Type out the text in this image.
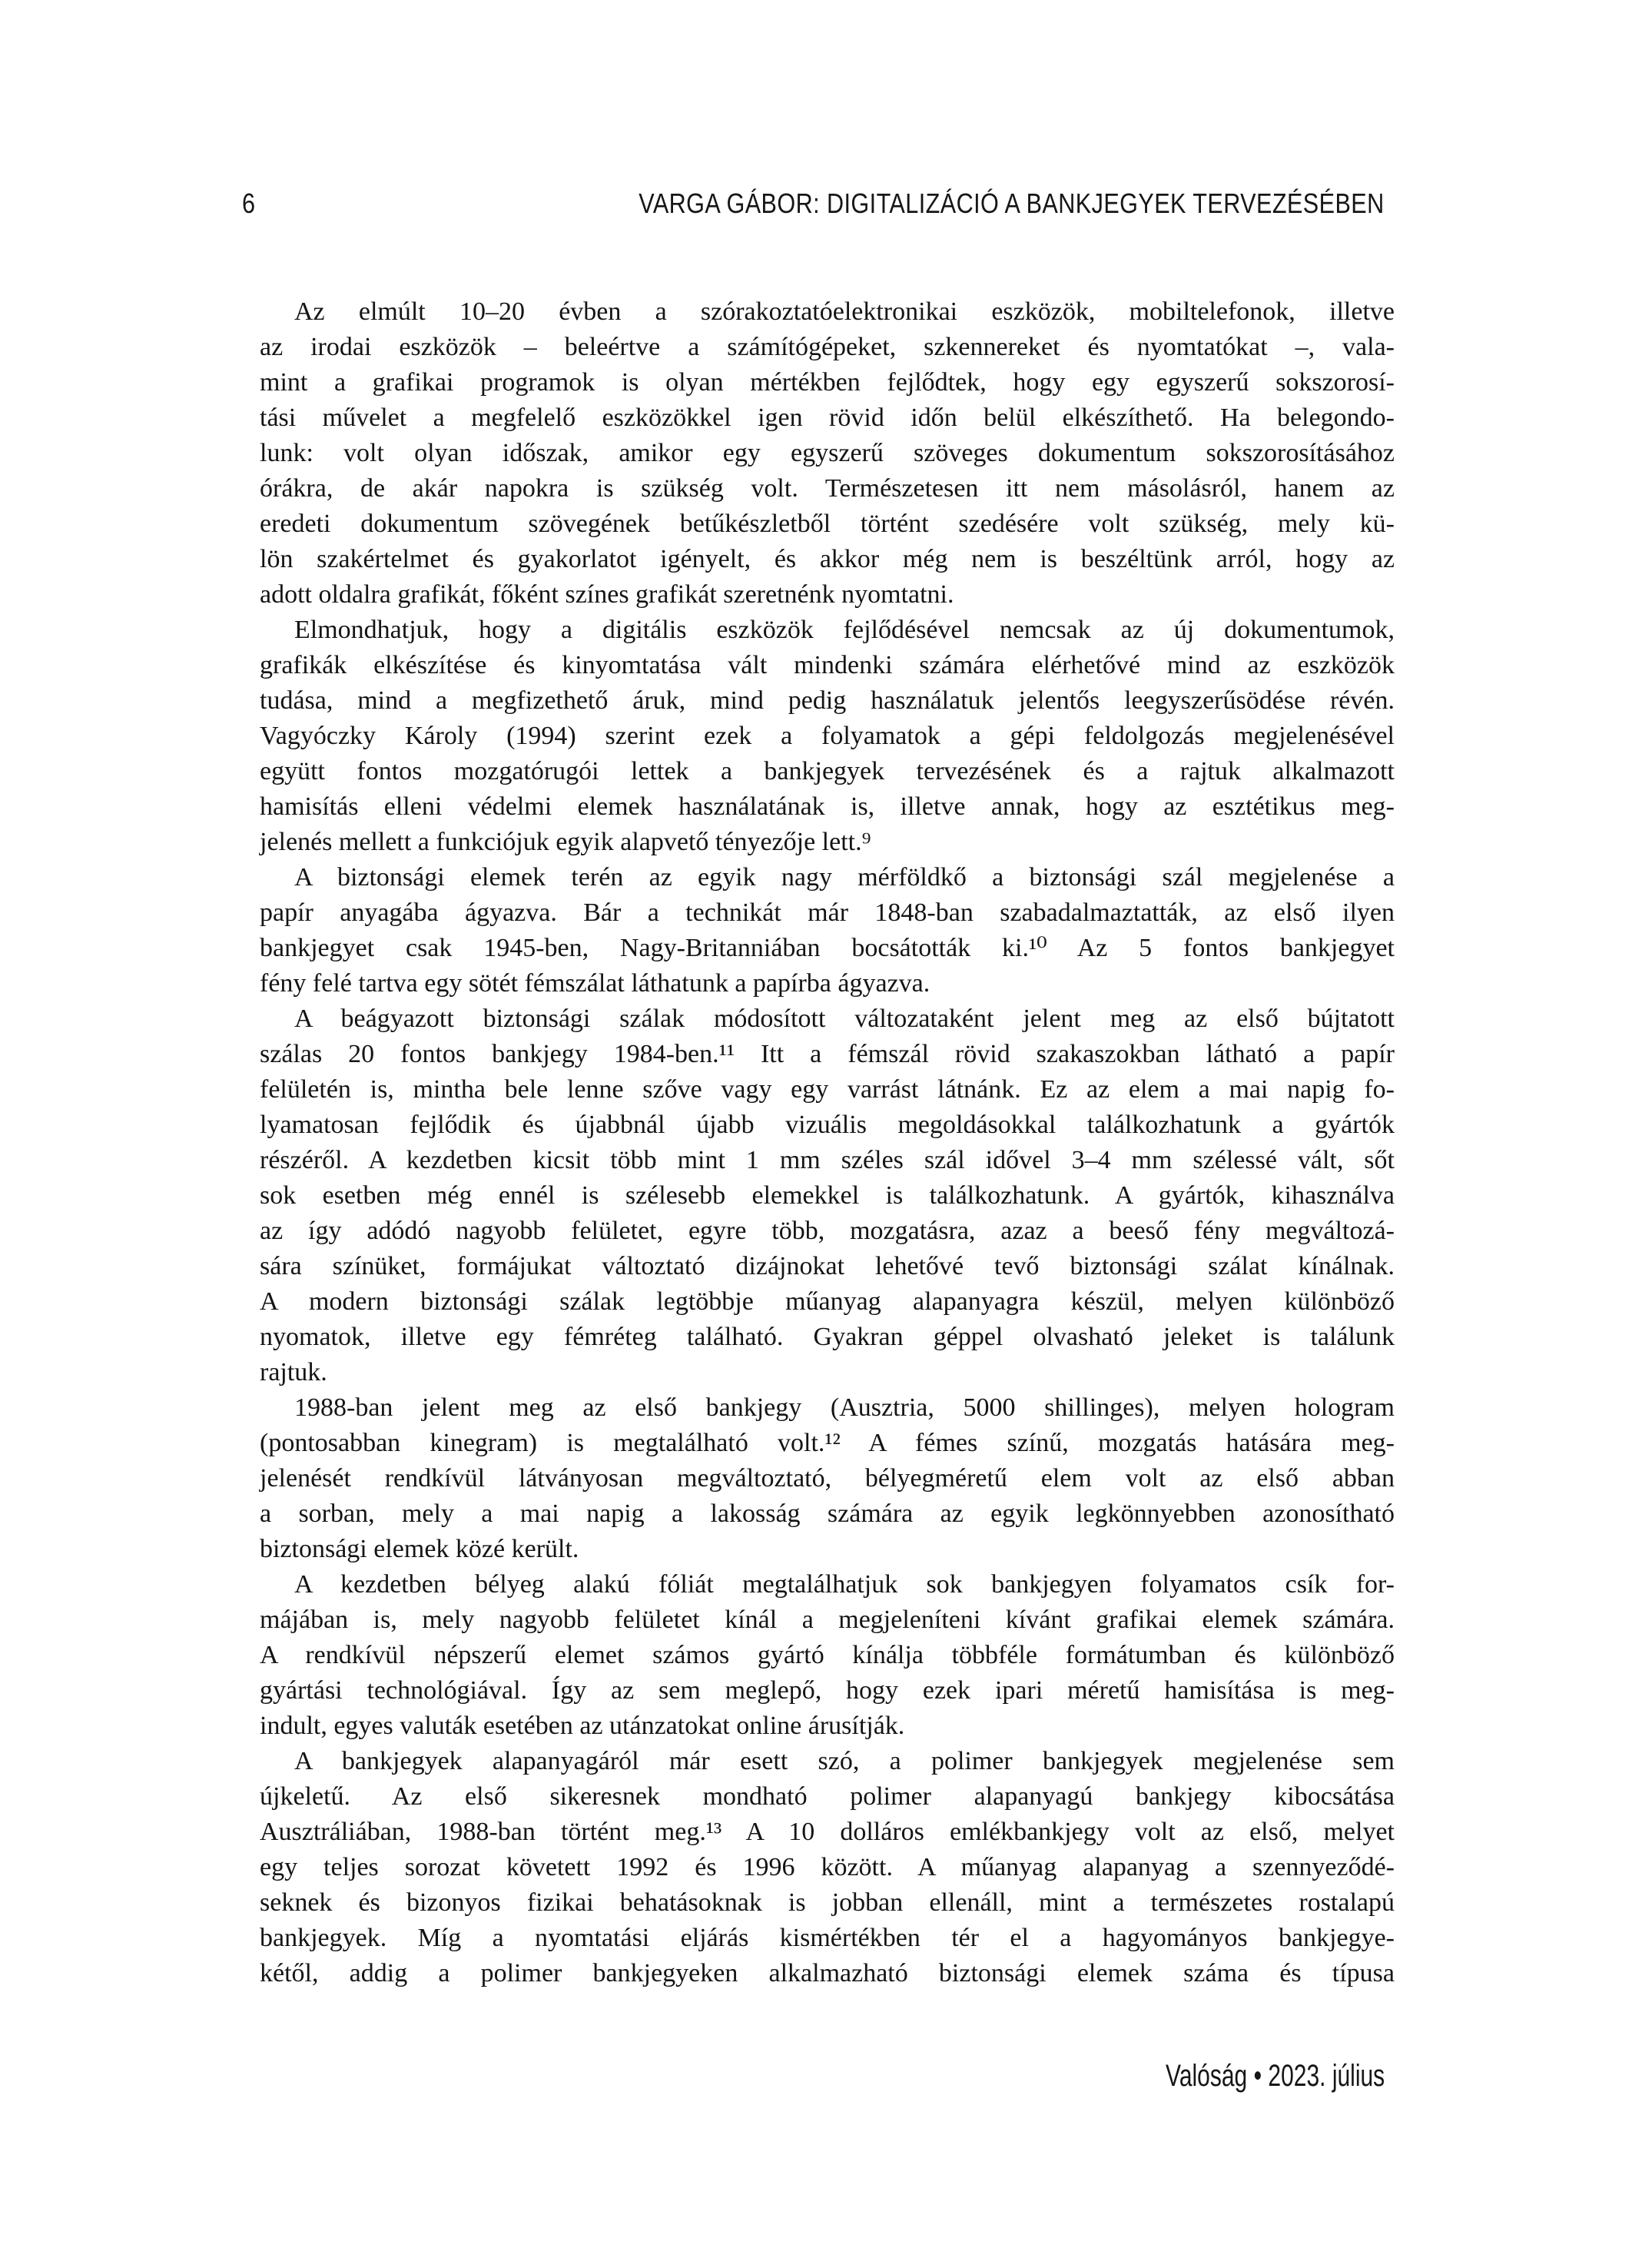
6	VARGA GÁBOR: DIGITALIZÁCIÓ A BANKJEGYEK TERVEZÉSÉBEN
Az elmúlt 10–20 évben a szórakoztatóelektronikai eszközök, mobiltelefonok, illetve
az irodai eszközök – beleértve a számítógépeket, szkennereket és nyomtatókat –, vala-
mint a grafikai programok is olyan mértékben fejlődtek, hogy egy egyszerű sokszorosí-
tási művelet a megfelelő eszközökkel igen rövid időn belül elkészíthető. Ha belegondo-
lunk: volt olyan időszak, amikor egy egyszerű szöveges dokumentum sokszorosításához
órákra, de akár napokra is szükség volt. Természetesen itt nem másolásról, hanem az
eredeti dokumentum szövegének betűkészletből történt szedésére volt szükség, mely kü-
lön szakértelmet és gyakorlatot igényelt, és akkor még nem is beszéltünk arról, hogy az
adott oldalra grafikát, főként színes grafikát szeretnénk nyomtatni.
Elmondhatjuk, hogy a digitális eszközök fejlődésével nemcsak az új dokumentumok,
grafikák elkészítése és kinyomtatása vált mindenki számára elérhetővé mind az eszközök
tudása, mind a megfizethető áruk, mind pedig használatuk jelentős leegyszerűsödése révén.
Vagyóczky Károly (1994) szerint ezek a folyamatok a gépi feldolgozás megjelenésével
együtt fontos mozgatórugói lettek a bankjegyek tervezésének és a rajtuk alkalmazott
hamisítás elleni védelmi elemek használatának is, illetve annak, hogy az esztétikus meg-
jelenés mellett a funkciójuk egyik alapvető tényezője lett.⁹
A biztonsági elemek terén az egyik nagy mérföldkő a biztonsági szál megjelenése a
papír anyagába ágyazva. Bár a technikát már 1848-ban szabadalmaztatták, az első ilyen
bankjegyet csak 1945-ben, Nagy-Britanniában bocsátották ki.¹⁰ Az 5 fontos bankjegyet
fény felé tartva egy sötét fémszálat láthatunk a papírba ágyazva.
A beágyazott biztonsági szálak módosított változataként jelent meg az első bújtatott
szálas 20 fontos bankjegy 1984-ben.¹¹ Itt a fémszál rövid szakaszokban látható a papír
felületén is, mintha bele lenne szőve vagy egy varrást látnánk. Ez az elem a mai napig fo-
lyamatosan fejlődik és újabbnál újabb vizuális megoldásokkal találkozhatunk a gyártók
részéről. A kezdetben kicsit több mint 1 mm széles szál idővel 3–4 mm szélessé vált, sőt
sok esetben még ennél is szélesebb elemekkel is találkozhatunk. A gyártók, kihasználva
az így adódó nagyobb felületet, egyre több, mozgatásra, azaz a beeső fény megváltozá-
sára színüket, formájukat változtató dizájnokat lehetővé tevő biztonsági szálat kínálnak.
A modern biztonsági szálak legtöbbje műanyag alapanyagra készül, melyen különböző
nyomatok, illetve egy fémréteg található. Gyakran géppel olvasható jeleket is találunk
rajtuk.
1988-ban jelent meg az első bankjegy (Ausztria, 5000 shillinges), melyen hologram
(pontosabban kinegram) is megtalálható volt.¹² A fémes színű, mozgatás hatására meg-
jelenését rendkívül látványosan megváltoztató, bélyegméretű elem volt az első abban
a sorban, mely a mai napig a lakosság számára az egyik legkönnyebben azonosítható
biztonsági elemek közé került.
A kezdetben bélyeg alakú fóliát megtalálhatjuk sok bankjegyen folyamatos csík for-
májában is, mely nagyobb felületet kínál a megjeleníteni kívánt grafikai elemek számára.
A rendkívül népszerű elemet számos gyártó kínálja többféle formátumban és különböző
gyártási technológiával. Így az sem meglepő, hogy ezek ipari méretű hamisítása is meg-
indult, egyes valuták esetében az utánzatokat online árusítják.
A bankjegyek alapanyagáról már esett szó, a polimer bankjegyek megjelenése sem
újkeletű. Az első sikeresnek mondható polimer alapanyagú bankjegy kibocsátása
Ausztráliában, 1988-ban történt meg.¹³ A 10 dolláros emlékbankjegy volt az első, melyet
egy teljes sorozat követett 1992 és 1996 között. A műanyag alapanyag a szennyeződé-
seknek és bizonyos fizikai behatásoknak is jobban ellenáll, mint a természetes rostalapú
bankjegyek. Míg a nyomtatási eljárás kismértékben tér el a hagyományos bankjegye-
kétől, addig a polimer bankjegyeken alkalmazható biztonsági elemek száma és típusa
Valóság • 2023. július
